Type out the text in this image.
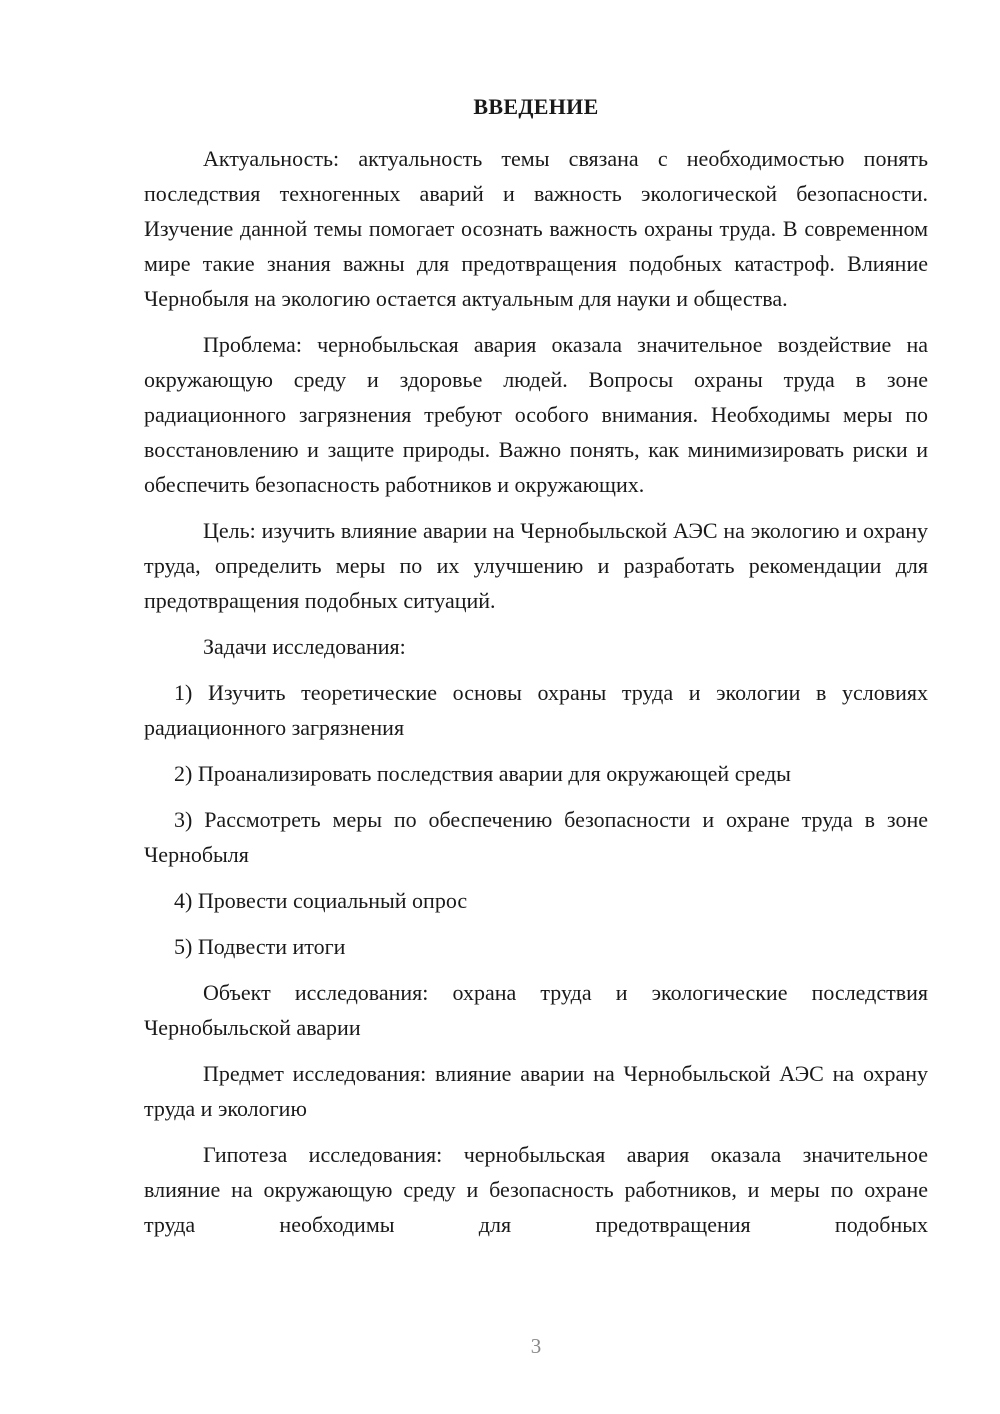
ВВЕДЕНИЕ

Актуальность: актуальность темы связана с необходимостью понять последствия техногенных аварий и важность экологической безопасности. Изучение данной темы помогает осознать важность охраны труда. В современном мире такие знания важны для предотвращения подобных катастроф. Влияние Чернобыля на экологию остается актуальным для науки и общества.

Проблема: чернобыльская авария оказала значительное воздействие на окружающую среду и здоровье людей. Вопросы охраны труда в зоне радиационного загрязнения требуют особого внимания. Необходимы меры по восстановлению и защите природы. Важно понять, как минимизировать риски и обеспечить безопасность работников и окружающих.

Цель: изучить влияние аварии на Чернобыльской АЭС на экологию и охрану труда, определить меры по их улучшению и разработать рекомендации для предотвращения подобных ситуаций.

Задачи исследования:

1) Изучить теоретические основы охраны труда и экологии в условиях радиационного загрязнения

2) Проанализировать последствия аварии для окружающей среды

3) Рассмотреть меры по обеспечению безопасности и охране труда в зоне Чернобыля

4) Провести социальный опрос

5) Подвести итоги

Объект исследования: охрана труда и экологические последствия Чернобыльской аварии

Предмет исследования: влияние аварии на Чернобыльской АЭС на охрану труда и экологию

Гипотеза исследования: чернобыльская авария оказала значительное влияние на окружающую среду и безопасность работников, и меры по охране труда необходимы для предотвращения подобных

3
